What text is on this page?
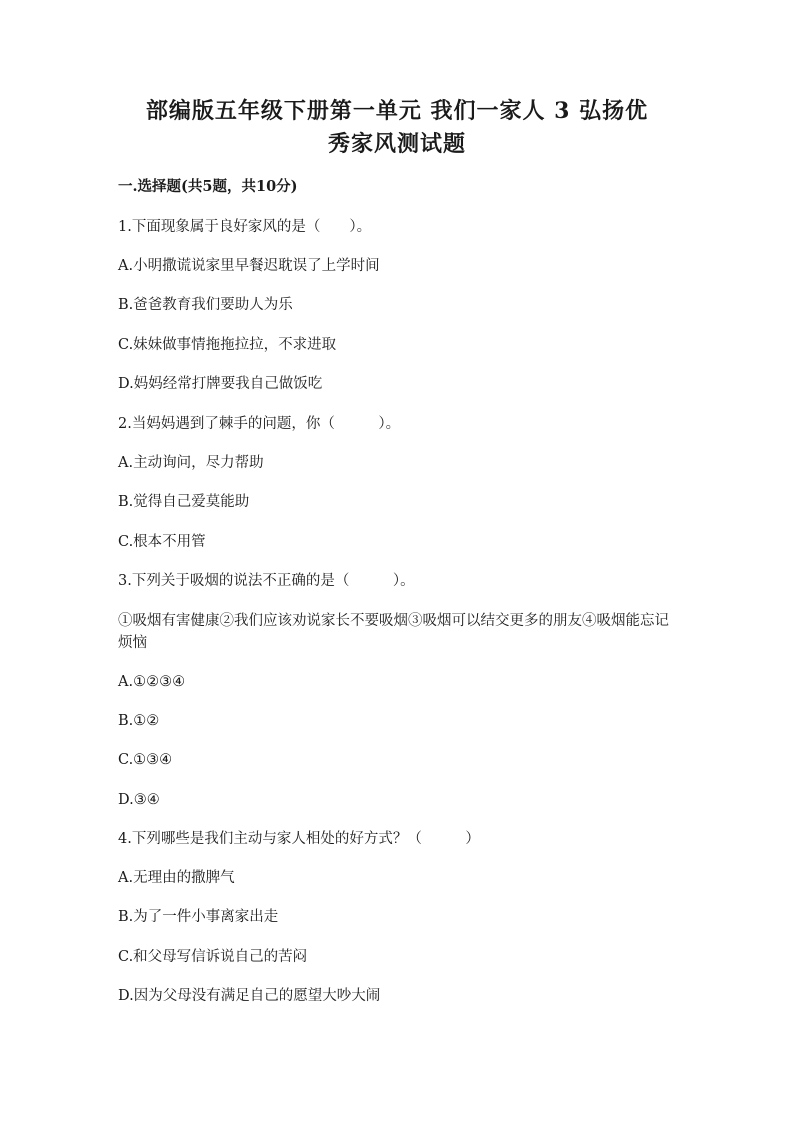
部编版五年级下册第一单元 我们一家人 3 弘扬优
秀家风测试题
一.选择题(共5题，共10分)
1.下面现象属于良好家风的是（　　）。
A.小明撒谎说家里早餐迟耽误了上学时间
B.爸爸教育我们要助人为乐
C.妹妹做事情拖拖拉拉，不求进取
D.妈妈经常打牌要我自己做饭吃
2.当妈妈遇到了棘手的问题，你（　　　）。
A.主动询问，尽力帮助
B.觉得自己爱莫能助
C.根本不用管
3.下列关于吸烟的说法不正确的是（　　　）。
①吸烟有害健康②我们应该劝说家长不要吸烟③吸烟可以结交更多的朋友④吸烟能忘记烦恼
A.①②③④
B.①②
C.①③④
D.③④
4.下列哪些是我们主动与家人相处的好方式？（　　　）
A.无理由的撒脾气
B.为了一件小事离家出走
C.和父母写信诉说自己的苦闷
D.因为父母没有满足自己的愿望大吵大闹
